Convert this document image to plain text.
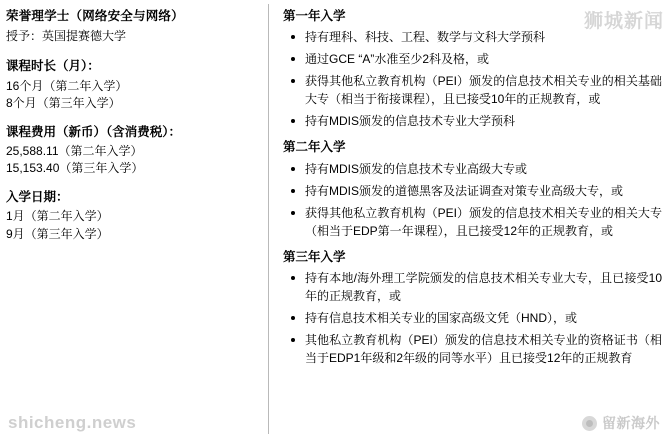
荣誉理学士（网络安全与网络）
授予：英国提赛德大学
课程时长（月）：
16个月（第二年入学）
8个月（第三年入学）
课程费用（新币）（含消费税）：
25,588.11（第二年入学）
15,153.40（第三年入学）
入学日期：
1月（第二年入学）
9月（第三年入学）
第一年入学
持有理科、科技、工程、数学与文科大学预科
通过GCE “A”水准至少2科及格，或
获得其他私立教育机构（PEI）颁发的信息技术相关专业的相关基础大专（相当于衔接课程），且已接受10年的正规教育，或
持有MDIS颁发的信息技术专业大学预科
第二年入学
持有MDIS颁发的信息技术专业高级大专或
持有MDIS颁发的道德黑客及法证调查对策专业高级大专，或
获得其他私立教育机构（PEI）颁发的信息技术相关专业的相关大专（相当于EDP第一年课程），且已接受12年的正规教育，或
第三年入学
持有本地/海外理工学院颁发的信息技术相关专业大专，且已接受10年的正规教育，或
持有信息技术相关专业的国家高级文凭（HND），或
其他私立教育机构（PEI）颁发的信息技术相关专业的资格证书（相当于EDP1年级和2年级的同等水平）且已接受12年的正规教育
狮城新闻
shicheng.news	留新海外
